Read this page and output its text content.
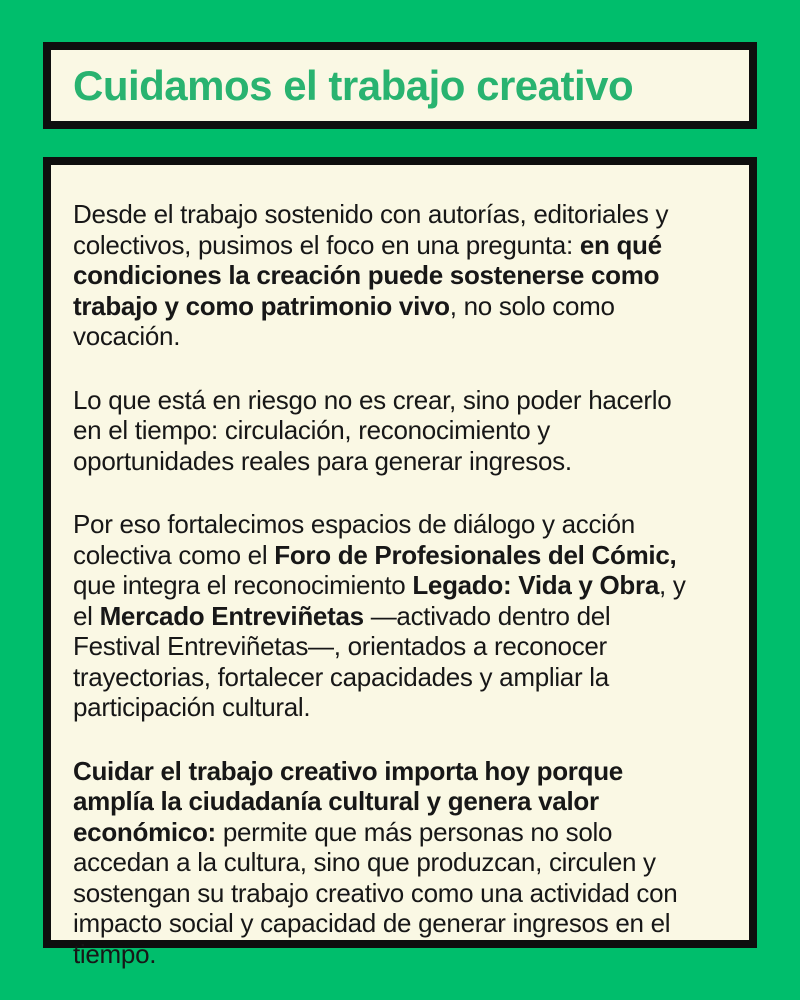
Cuidamos el trabajo creativo

Desde el trabajo sostenido con autorías, editoriales y colectivos, pusimos el foco en una pregunta: en qué condiciones la creación puede sostenerse como trabajo y como patrimonio vivo, no solo como vocación.

Lo que está en riesgo no es crear, sino poder hacerlo en el tiempo: circulación, reconocimiento y oportunidades reales para generar ingresos.

Por eso fortalecimos espacios de diálogo y acción colectiva como el Foro de Profesionales del Cómic, que integra el reconocimiento Legado: Vida y Obra, y el Mercado Entreviñetas —activado dentro del Festival Entreviñetas—, orientados a reconocer trayectorias, fortalecer capacidades y ampliar la participación cultural.

Cuidar el trabajo creativo importa hoy porque amplía la ciudadanía cultural y genera valor económico: permite que más personas no solo accedan a la cultura, sino que produzcan, circulen y sostengan su trabajo creativo como una actividad con impacto social y capacidad de generar ingresos en el tiempo.
